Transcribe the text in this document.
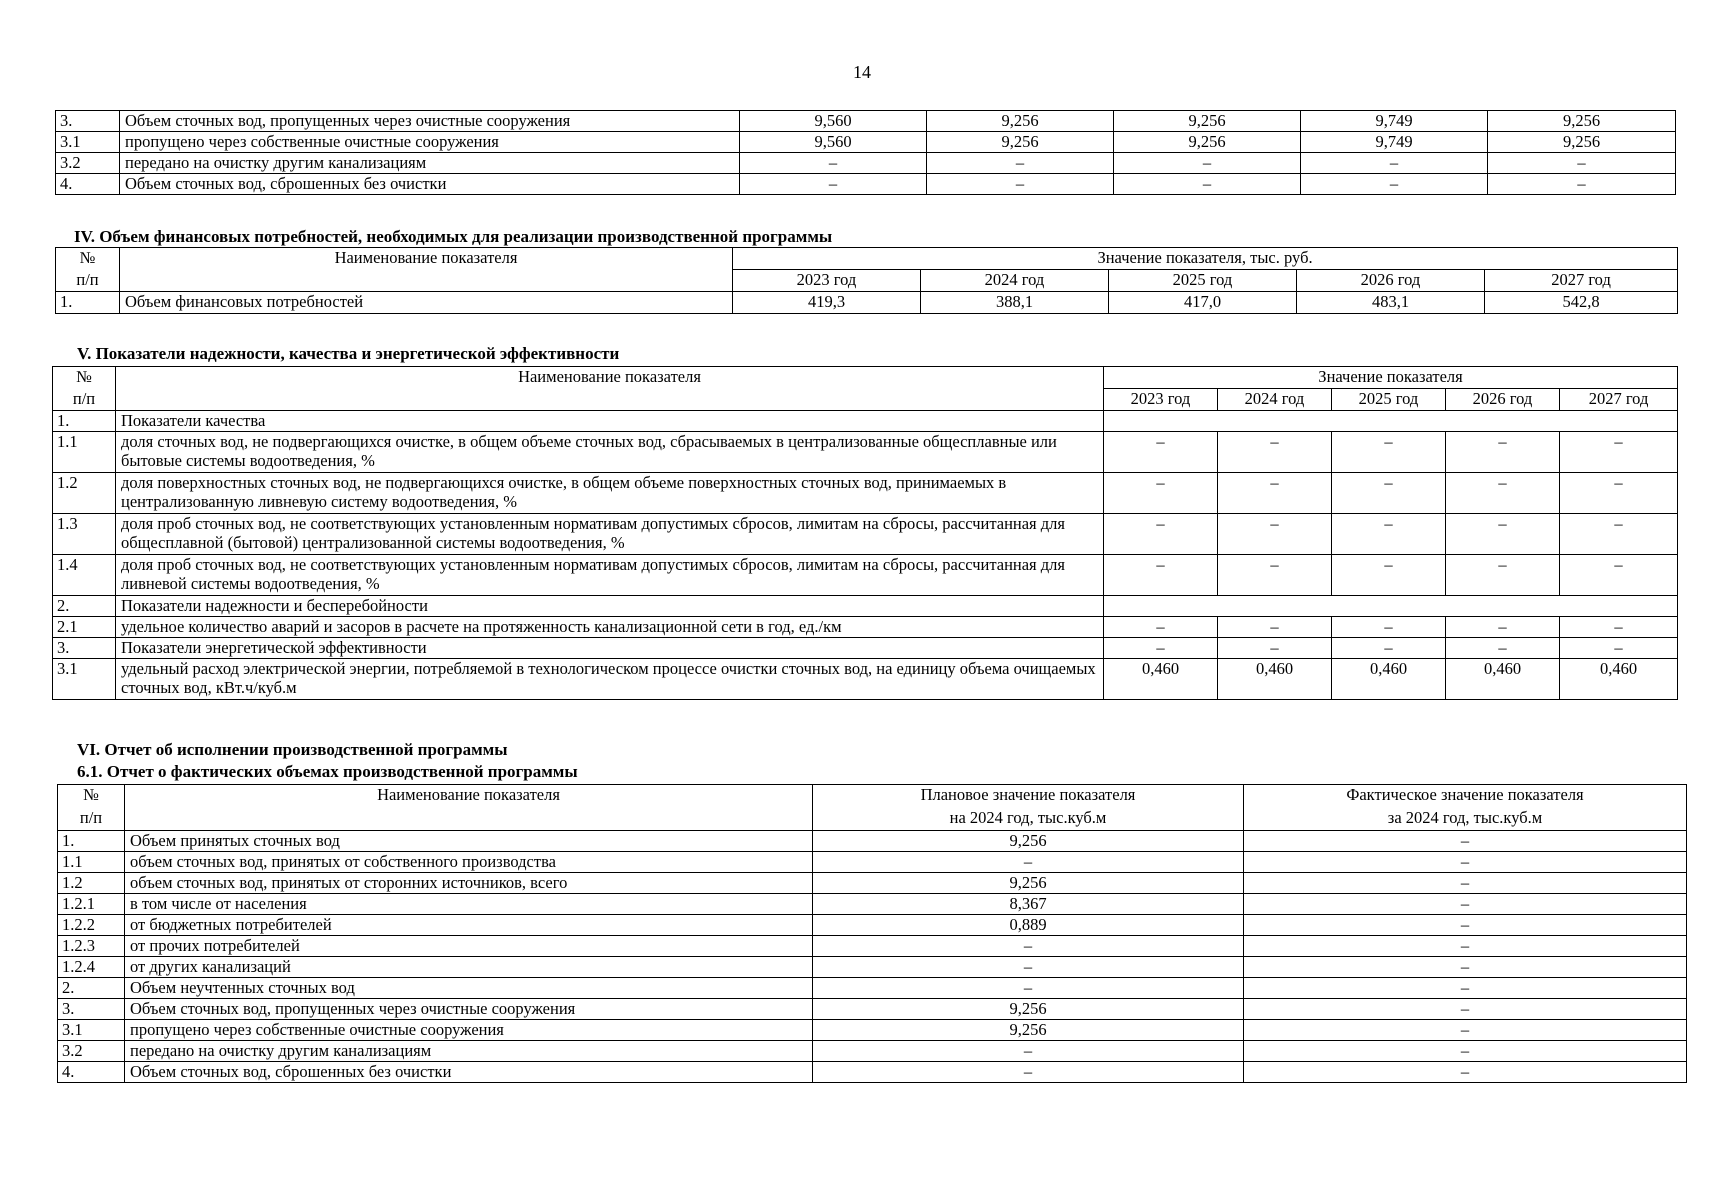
14
3.	Объем сточных вод, пропущенных через очистные сооружения	9,560	9,256	9,256	9,749	9,256
3.1	пропущено через собственные очистные сооружения	9,560	9,256	9,256	9,749	9,256
3.2	передано на очистку другим канализациям	–	–	–	–	–
4.	Объем сточных вод, сброшенных без очистки	–	–	–	–	–
IV. Объем финансовых потребностей, необходимых для реализации производственной программы
№	Наименование показателя	Значение показателя, тыс. руб.				
п/п		2023 год	2024 год	2025 год	2026 год	2027 год
1.	Объем финансовых потребностей	419,3	388,1	417,0	483,1	542,8
V. Показатели надежности, качества и энергетической эффективности
№	Наименование показателя	Значение показателя				
п/п		2023 год	2024 год	2025 год	2026 год	2027 год
1.	Показатели качества					
1.1	доля сточных вод, не подвергающихся очистке, в общем объеме сточных вод, сбрасываемых в централизованные общесплавные или бытовые системы водоотведения, %	–	–	–	–	–
1.2	доля поверхностных сточных вод, не подвергающихся очистке, в общем объеме поверхностных сточных вод, принимаемых в централизованную ливневую систему водоотведения, %	–	–	–	–	–
1.3	доля проб сточных вод, не соответствующих установленным нормативам допустимых сбросов, лимитам на сбросы, рассчитанная для общесплавной (бытовой) централизованной системы водоотведения, %	–	–	–	–	–
1.4	доля проб сточных вод, не соответствующих установленным нормативам допустимых сбросов, лимитам на сбросы, рассчитанная для ливневой системы водоотведения, %	–	–	–	–	–
2.	Показатели надежности и бесперебойности					
2.1	удельное количество аварий и засоров в расчете на протяженность канализационной сети в год, ед./км	–	–	–	–	–
3.	Показатели энергетической эффективности	–	–	–	–	–
3.1	удельный расход электрической энергии, потребляемой в технологическом процессе очистки сточных вод, на единицу объема очищаемых сточных вод, кВт.ч/куб.м	0,460	0,460	0,460	0,460	0,460
VI. Отчет об исполнении производственной программы
6.1. Отчет о фактических объемах производственной программы
№	Наименование показателя	Плановое значение показателя	Фактическое значение показателя
п/п		на 2024 год, тыс.куб.м	за 2024 год, тыс.куб.м
1.	Объем принятых сточных вод	9,256	–
1.1	объем сточных вод, принятых от собственного производства	–	–
1.2	объем сточных вод, принятых от сторонних источников, всего	9,256	–
1.2.1	в том числе от населения	8,367	–
1.2.2	от бюджетных потребителей	0,889	–
1.2.3	от прочих потребителей	–	–
1.2.4	от других канализаций	–	–
2.	Объем неучтенных сточных вод	–	–
3.	Объем сточных вод, пропущенных через очистные сооружения	9,256	–
3.1	пропущено через собственные очистные сооружения	9,256	–
3.2	передано на очистку другим канализациям	–	–
4.	Объем сточных вод, сброшенных без очистки	–	–
